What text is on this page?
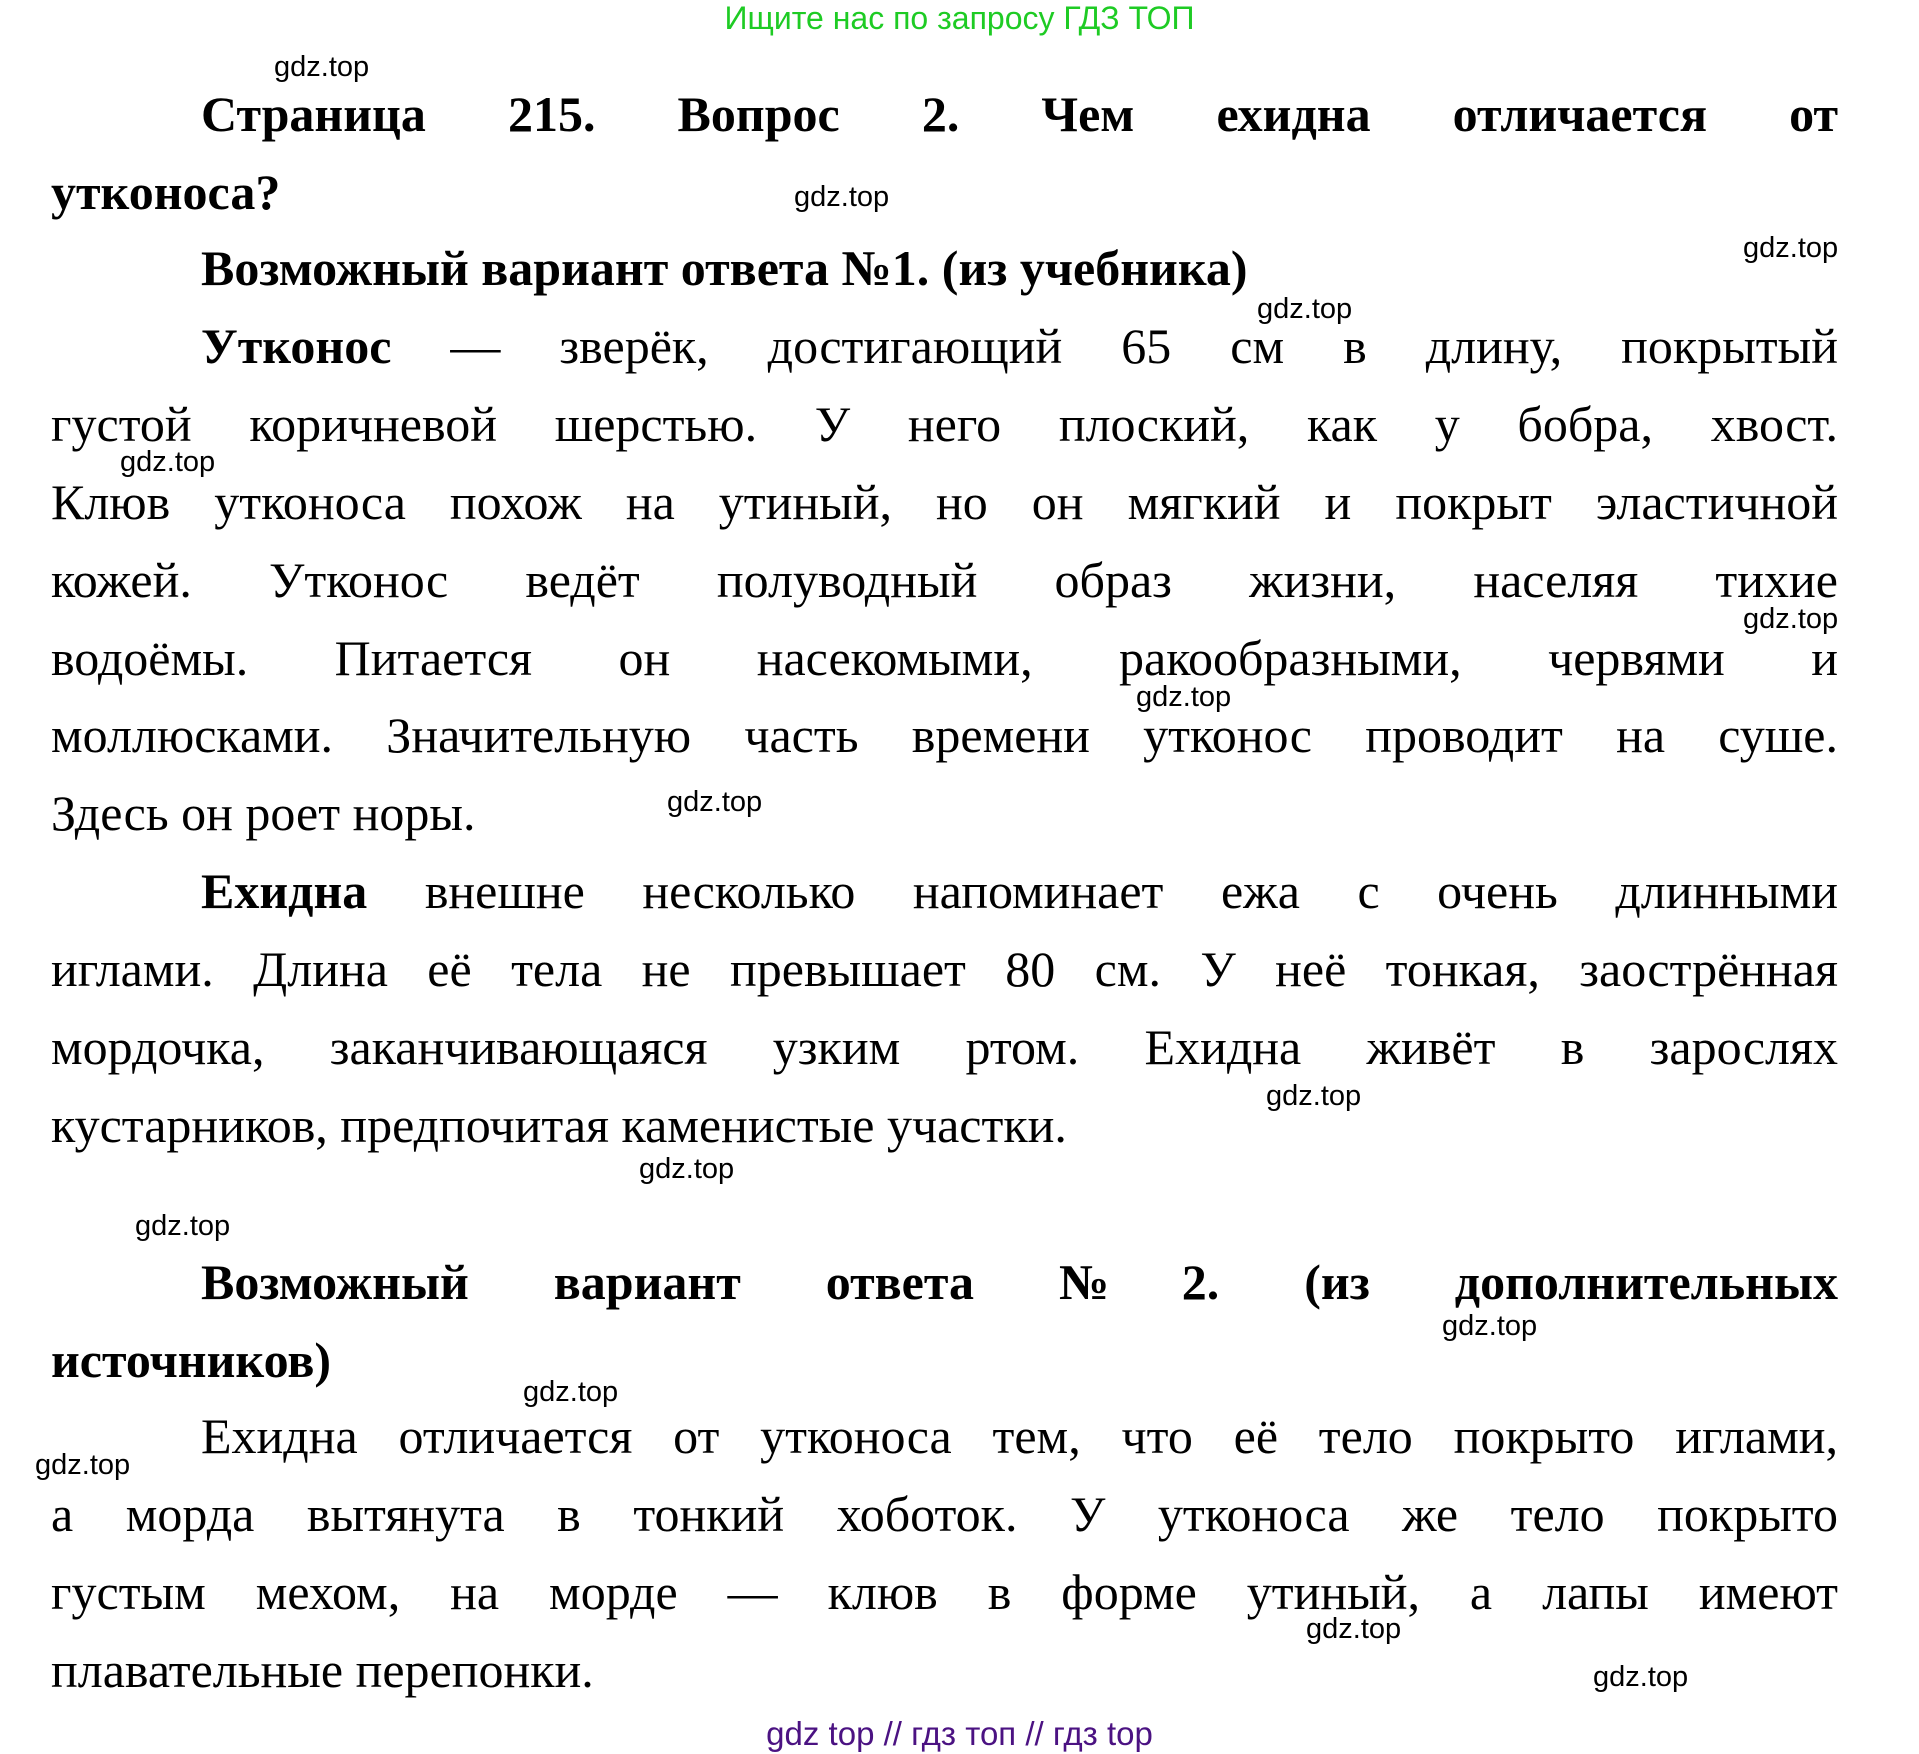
Ищите нас по запросу ГДЗ ТОП
Страница 215. Вопрос 2. Чем ехидна отличается от
утконоса?
Возможный вариант ответа №1. (из учебника)
Утконос — зверёк, достигающий 65 см в длину, покрытый
густой коричневой шерстью. У него плоский, как у бобра, хвост.
Клюв утконоса похож на утиный, но он мягкий и покрыт эластичной
кожей. Утконос ведёт полуводный образ жизни, населяя тихие
водоёмы. Питается он насекомыми, ракообразными, червями и
моллюсками. Значительную часть времени утконос проводит на суше.
Здесь он роет норы.
Ехидна внешне несколько напоминает ежа с очень длинными
иглами. Длина её тела не превышает 80 см. У неё тонкая, заострённая
мордочка, заканчивающаяся узким ртом. Ехидна живёт в зарослях
кустарников, предпочитая каменистые участки.
Возможный вариант ответа №2. (из дополнительных
источников)
Ехидна отличается от утконоса тем, что её тело покрыто иглами,
а морда вытянута в тонкий хоботок. У утконоса же тело покрыто
густым мехом, на морде — клюв в форме утиный, а лапы имеют
плавательные перепонки.
gdz.top
gdz.top
gdz.top
gdz.top
gdz.top
gdz.top
gdz.top
gdz.top
gdz.top
gdz.top
gdz.top
gdz.top
gdz.top
gdz.top
gdz.top
gdz.top
gdz top // гдз топ // гдз top
